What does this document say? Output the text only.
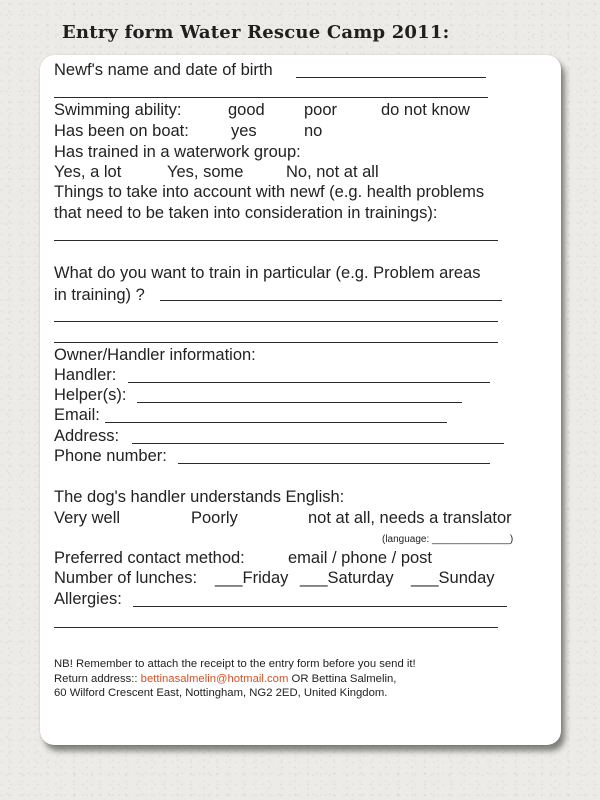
Entry form Water Rescue Camp 2011:
Newf's name and date of birth
Swimming ability:	good poor	do not know
Has been on boat:	yes	no
Has trained in a waterwork group:
Yes, a lot	Yes, some	No, not at all
Things to take into account with newf (e.g. health problems
that need to be taken into consideration in trainings):
What do you want to train in particular (e.g. Problem areas
in training) ?
Owner/Handler information:
Handler:
Helper(s):
Email:
Address:
Phone number:
The dog's handler understands English:
Very well	Poorly	not at all, needs a translator
(language: ______________)
Preferred contact method:	email / phone / post
Number of lunches: ___Friday ___Saturday ___Sunday
Allergies:
NB! Remember to attach the receipt to the entry form before you send it!
Return address:: bettinasalmelin@hotmail.com OR Bettina Salmelin,
60 Wilford Crescent East, Nottingham, NG2 2ED, United Kingdom.
